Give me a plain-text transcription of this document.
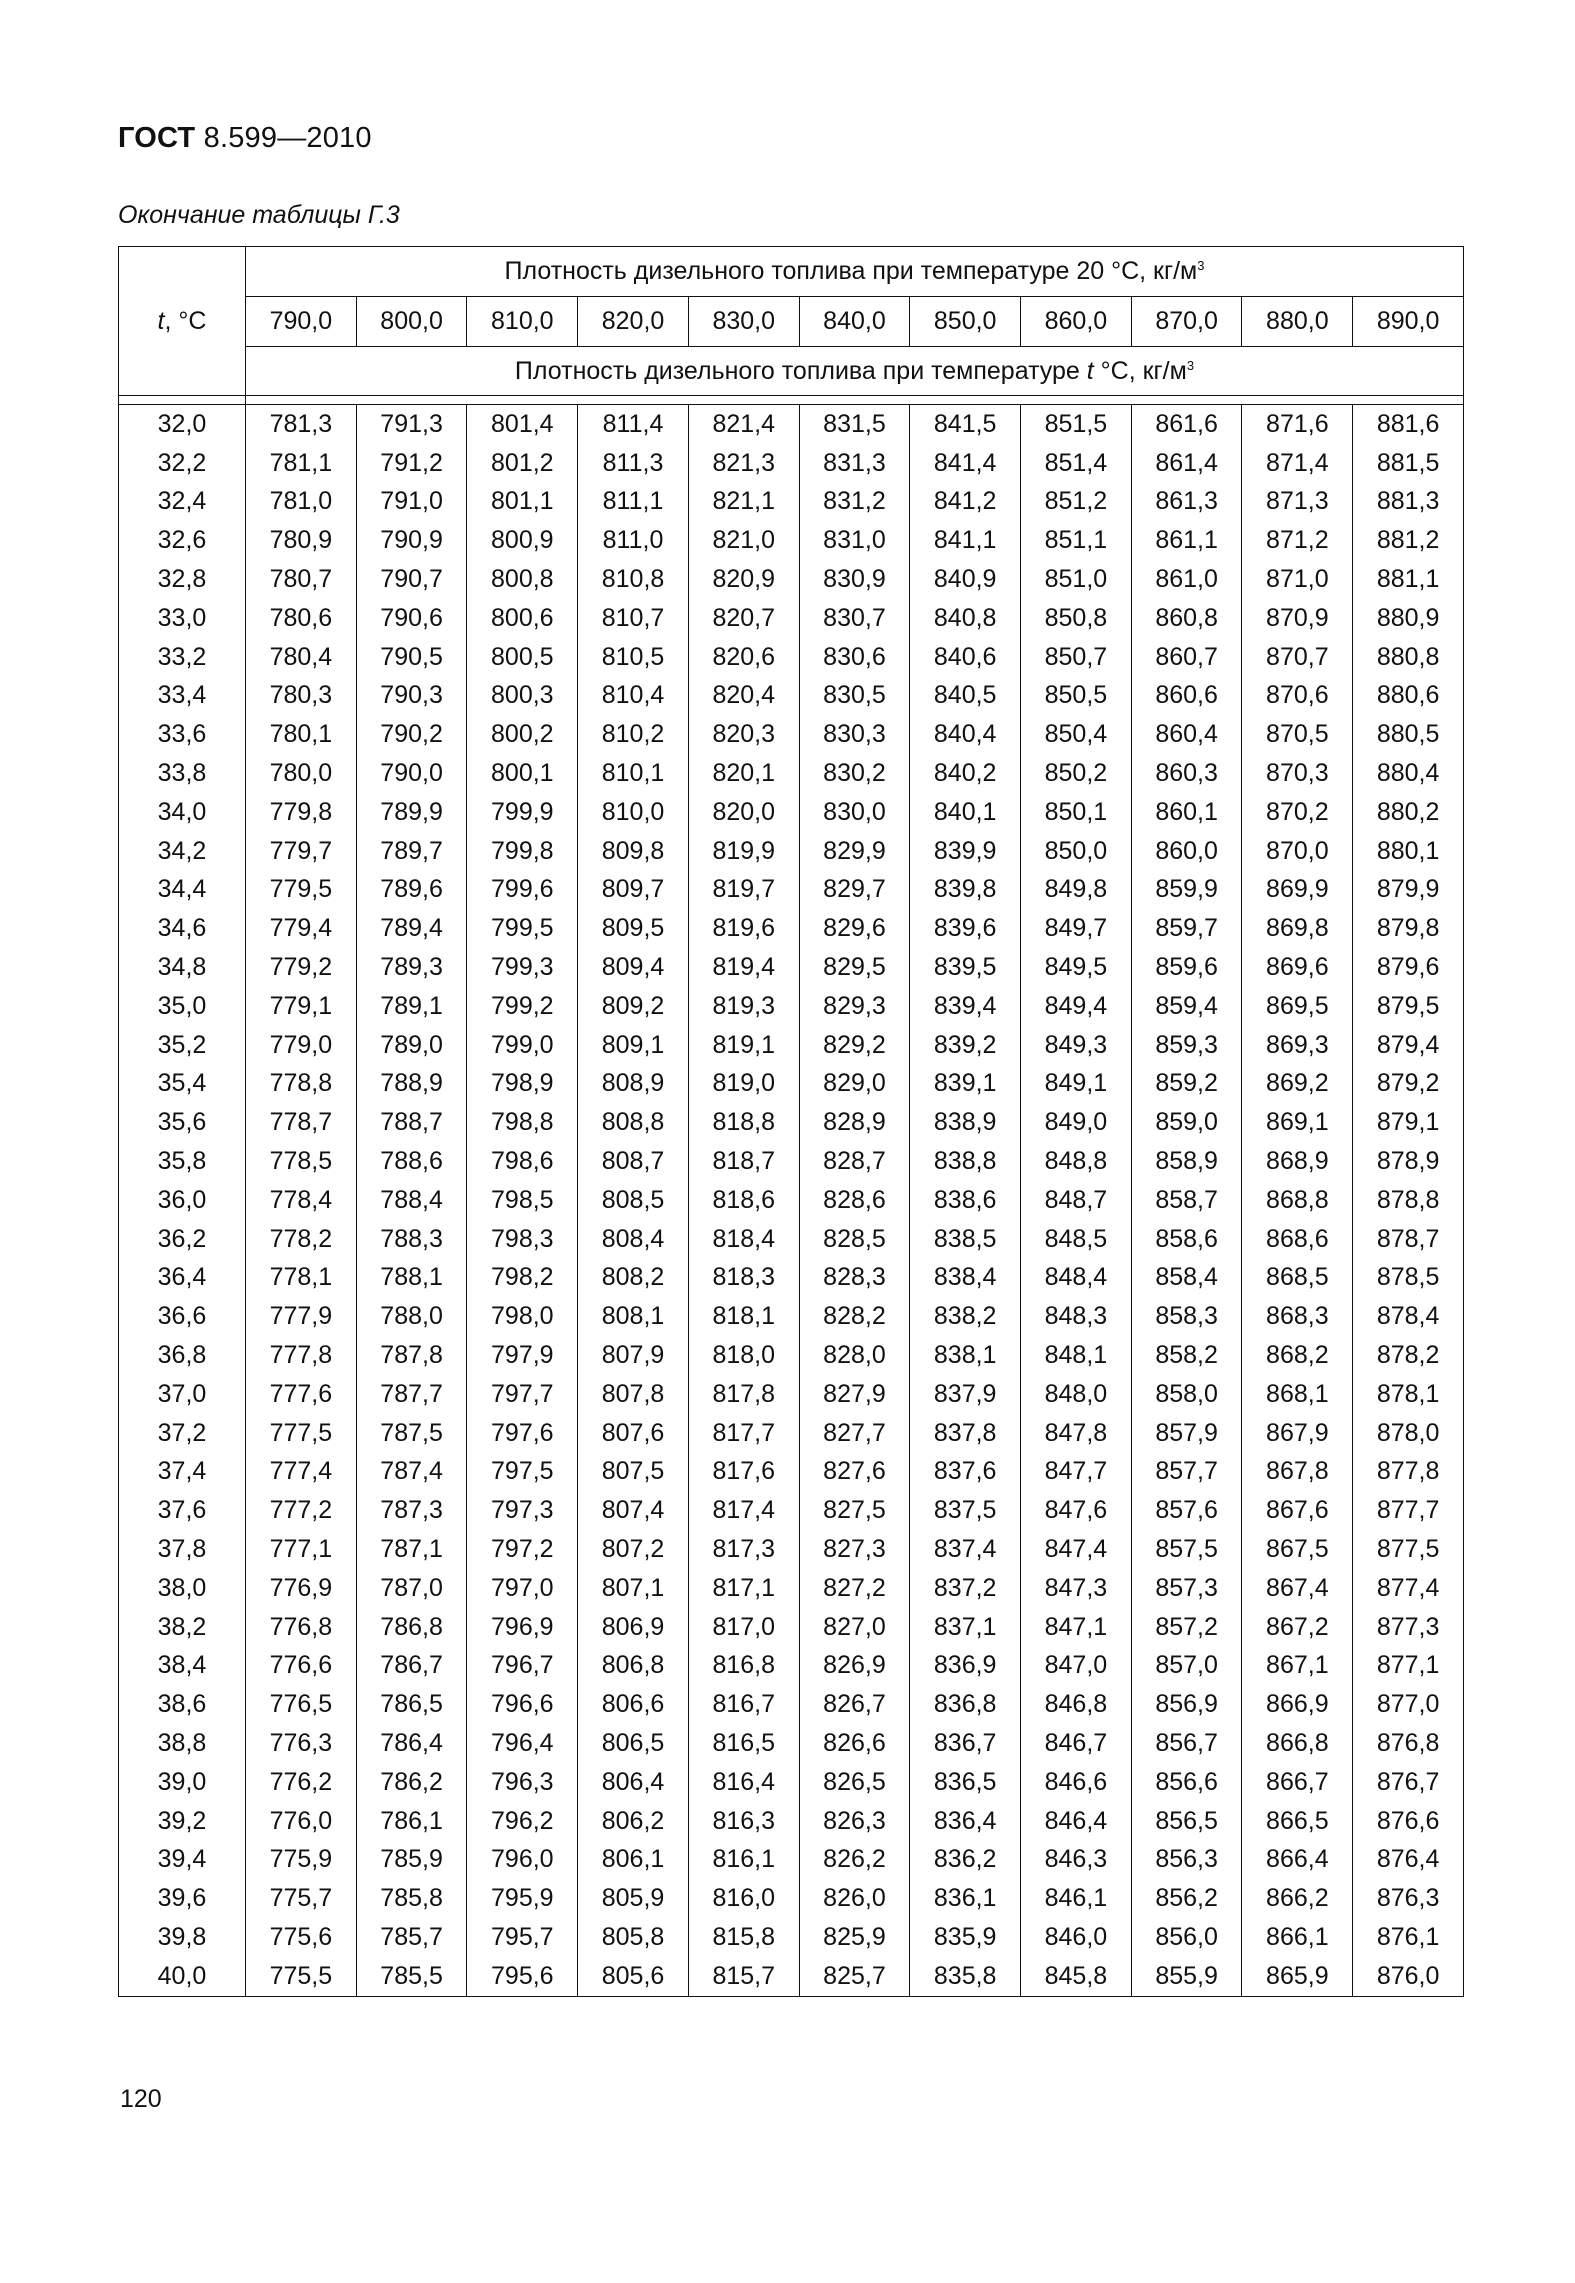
ГОСТ 8.599—2010
Окончание таблицы Г.3
t, °С	Плотность дизельного топлива при температуре 20 °С, $кг/м^3$
	790,0	800,0	810,0	820,0	830,0	840,0	850,0	860,0	870,0	880,0	890,0
	Плотность дизельного топлива при температуре t °С, $кг/м^3$

32,0	781,3	791,3	801,4	811,4	821,4	831,5	841,5	851,5	861,6	871,6	881,6
32,2	781,1	791,2	801,2	811,3	821,3	831,3	841,4	851,4	861,4	871,4	881,5
32,4	781,0	791,0	801,1	811,1	821,1	831,2	841,2	851,2	861,3	871,3	881,3
32,6	780,9	790,9	800,9	811,0	821,0	831,0	841,1	851,1	861,1	871,2	881,2
32,8	780,7	790,7	800,8	810,8	820,9	830,9	840,9	851,0	861,0	871,0	881,1
33,0	780,6	790,6	800,6	810,7	820,7	830,7	840,8	850,8	860,8	870,9	880,9
33,2	780,4	790,5	800,5	810,5	820,6	830,6	840,6	850,7	860,7	870,7	880,8
33,4	780,3	790,3	800,3	810,4	820,4	830,5	840,5	850,5	860,6	870,6	880,6
33,6	780,1	790,2	800,2	810,2	820,3	830,3	840,4	850,4	860,4	870,5	880,5
33,8	780,0	790,0	800,1	810,1	820,1	830,2	840,2	850,2	860,3	870,3	880,4
34,0	779,8	789,9	799,9	810,0	820,0	830,0	840,1	850,1	860,1	870,2	880,2
34,2	779,7	789,7	799,8	809,8	819,9	829,9	839,9	850,0	860,0	870,0	880,1
34,4	779,5	789,6	799,6	809,7	819,7	829,7	839,8	849,8	859,9	869,9	879,9
34,6	779,4	789,4	799,5	809,5	819,6	829,6	839,6	849,7	859,7	869,8	879,8
34,8	779,2	789,3	799,3	809,4	819,4	829,5	839,5	849,5	859,6	869,6	879,6
35,0	779,1	789,1	799,2	809,2	819,3	829,3	839,4	849,4	859,4	869,5	879,5
35,2	779,0	789,0	799,0	809,1	819,1	829,2	839,2	849,3	859,3	869,3	879,4
35,4	778,8	788,9	798,9	808,9	819,0	829,0	839,1	849,1	859,2	869,2	879,2
35,6	778,7	788,7	798,8	808,8	818,8	828,9	838,9	849,0	859,0	869,1	879,1
35,8	778,5	788,6	798,6	808,7	818,7	828,7	838,8	848,8	858,9	868,9	878,9
36,0	778,4	788,4	798,5	808,5	818,6	828,6	838,6	848,7	858,7	868,8	878,8
36,2	778,2	788,3	798,3	808,4	818,4	828,5	838,5	848,5	858,6	868,6	878,7
36,4	778,1	788,1	798,2	808,2	818,3	828,3	838,4	848,4	858,4	868,5	878,5
36,6	777,9	788,0	798,0	808,1	818,1	828,2	838,2	848,3	858,3	868,3	878,4
36,8	777,8	787,8	797,9	807,9	818,0	828,0	838,1	848,1	858,2	868,2	878,2
37,0	777,6	787,7	797,7	807,8	817,8	827,9	837,9	848,0	858,0	868,1	878,1
37,2	777,5	787,5	797,6	807,6	817,7	827,7	837,8	847,8	857,9	867,9	878,0
37,4	777,4	787,4	797,5	807,5	817,6	827,6	837,6	847,7	857,7	867,8	877,8
37,6	777,2	787,3	797,3	807,4	817,4	827,5	837,5	847,6	857,6	867,6	877,7
37,8	777,1	787,1	797,2	807,2	817,3	827,3	837,4	847,4	857,5	867,5	877,5
38,0	776,9	787,0	797,0	807,1	817,1	827,2	837,2	847,3	857,3	867,4	877,4
38,2	776,8	786,8	796,9	806,9	817,0	827,0	837,1	847,1	857,2	867,2	877,3
38,4	776,6	786,7	796,7	806,8	816,8	826,9	836,9	847,0	857,0	867,1	877,1
38,6	776,5	786,5	796,6	806,6	816,7	826,7	836,8	846,8	856,9	866,9	877,0
38,8	776,3	786,4	796,4	806,5	816,5	826,6	836,7	846,7	856,7	866,8	876,8
39,0	776,2	786,2	796,3	806,4	816,4	826,5	836,5	846,6	856,6	866,7	876,7
39,2	776,0	786,1	796,2	806,2	816,3	826,3	836,4	846,4	856,5	866,5	876,6
39,4	775,9	785,9	796,0	806,1	816,1	826,2	836,2	846,3	856,3	866,4	876,4
39,6	775,7	785,8	795,9	805,9	816,0	826,0	836,1	846,1	856,2	866,2	876,3
39,8	775,6	785,7	795,7	805,8	815,8	825,9	835,9	846,0	856,0	866,1	876,1
40,0	775,5	785,5	795,6	805,6	815,7	825,7	835,8	845,8	855,9	865,9	876,0
120
